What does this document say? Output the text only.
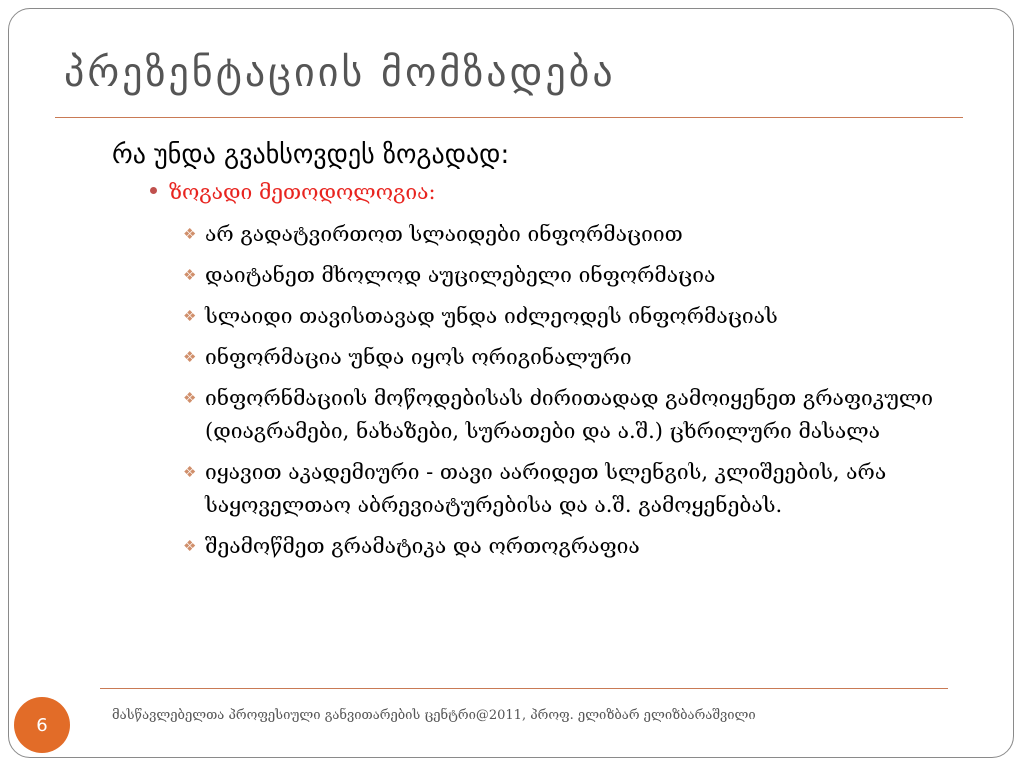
პრეზენტაციის მომზადება
რა უნდა გვახსოვდეს ზოგადად:
ზოგადი მეთოდოლოგია:
❖ არ გადატვირთოთ სლაიდები ინფორმაციით
❖ დაიტანეთ მხოლოდ აუცილებელი ინფორმაცია
❖ სლაიდი თავისთავად უნდა იძლეოდეს ინფორმაციას
❖ ინფორმაცია უნდა იყოს ორიგინალური
❖ ინფორნმაციის მოწოდებისას ძირითადად გამოიყენეთ გრაფიკული (დიაგრამები, ნახაზები, სურათები და ა.შ.) ცხრილური მასალა
❖ იყავით აკადემიური - თავი აარიდეთ სლენგის, კლიშეების, არა საყოველთაო აბრევიატურებისა და ა.შ. გამოყენებას.
❖ შეამოწმეთ გრამატიკა და ორთოგრაფია
6	მასწავლებელთა პროფესიული განვითარების ცენტრი@2011, პროფ. ელიზბარ ელიზბარაშვილი
